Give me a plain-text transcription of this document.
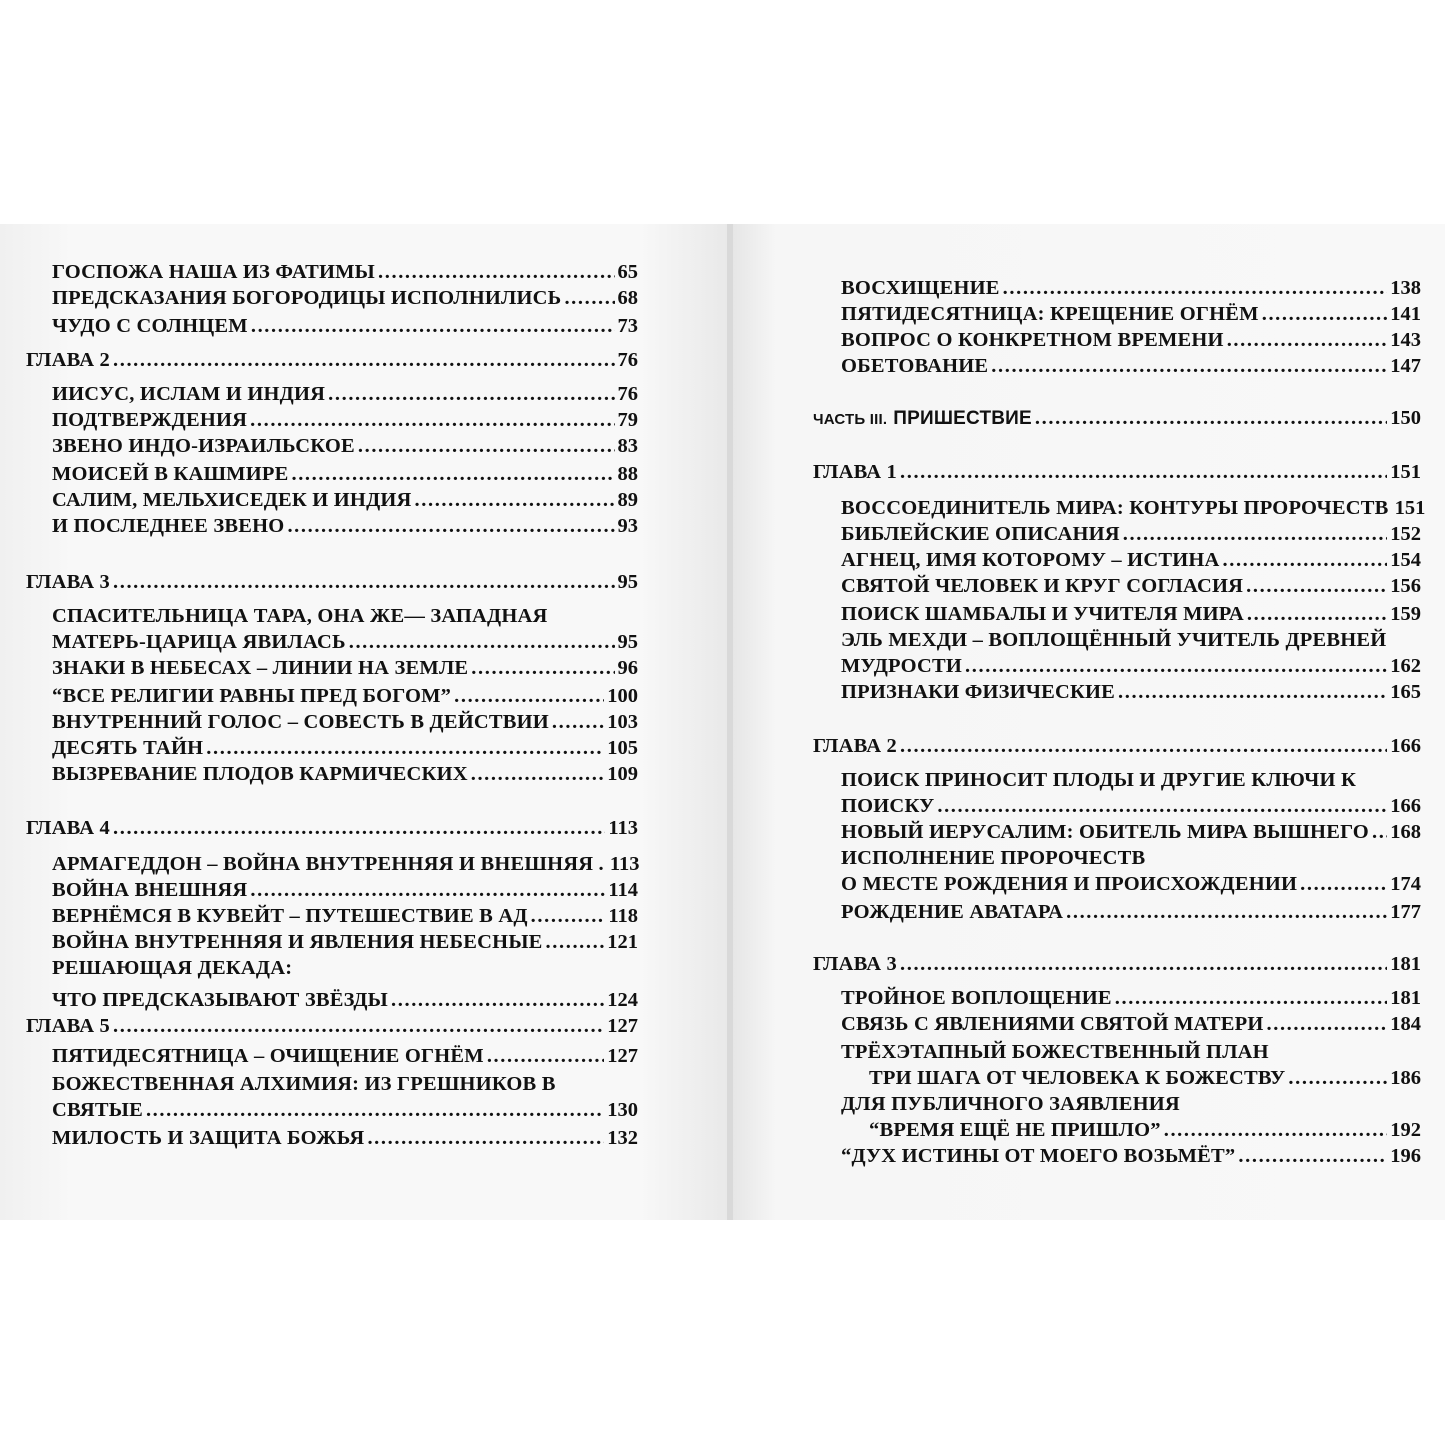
ГОСПОЖА НАША ИЗ ФАТИМЫ .....	65
ПРЕДСКАЗАНИЯ БОГОРОДИЦЫ ИСПОЛНИЛИСЬ .....	68
ЧУДО С СОЛНЦЕМ .....	73
ГЛАВА 2 .....	76
ИИСУС, ИСЛАМ И ИНДИЯ .....	76
ПОДТВЕРЖДЕНИЯ .....	79
ЗВЕНО ИНДО-ИЗРАИЛЬСКОЕ .....	83
МОИСЕЙ В КАШМИРЕ .....	88
САЛИМ, МЕЛЬХИСЕДЕК И ИНДИЯ .....	89
И ПОСЛЕДНЕЕ ЗВЕНО .....	93
ГЛАВА 3 .....	95
СПАСИТЕЛЬНИЦА ТАРА, ОНА ЖЕ— ЗАПАДНАЯ
МАТЕРЬ-ЦАРИЦА ЯВИЛАСЬ .....	95
ЗНАКИ В НЕБЕСАХ – ЛИНИИ НА ЗЕМЛЕ .....	96
“ВСЕ РЕЛИГИИ РАВНЫ ПРЕД БОГОМ” .....	100
ВНУТРЕННИЙ ГОЛОС – СОВЕСТЬ В ДЕЙСТВИИ .....	103
ДЕСЯТЬ ТАЙН .....	105
ВЫЗРЕВАНИЕ ПЛОДОВ КАРМИЧЕСКИХ .....	109
ГЛАВА 4 .....	113
АРМАГЕДДОН – ВОЙНА ВНУТРЕННЯЯ И ВНЕШНЯЯ . 113
ВОЙНА ВНЕШНЯЯ .....	114
ВЕРНЁМСЯ В КУВЕЙТ – ПУТЕШЕСТВИЕ В АД .....	118
ВОЙНА ВНУТРЕННЯЯ И ЯВЛЕНИЯ НЕБЕСНЫЕ .....	121
РЕШАЮЩАЯ ДЕКАДА:
ЧТО ПРЕДСКАЗЫВАЮТ ЗВЁЗДЫ .....	124
ГЛАВА 5 .....	127
ПЯТИДЕСЯТНИЦА – ОЧИЩЕНИЕ ОГНЁМ .....	127
БОЖЕСТВЕННАЯ АЛХИМИЯ: ИЗ ГРЕШНИКОВ В
СВЯТЫЕ .....	130
МИЛОСТЬ И ЗАЩИТА БОЖЬЯ .....	132
ВОСХИЩЕНИЕ .....	138
ПЯТИДЕСЯТНИЦА: КРЕЩЕНИЕ ОГНЁМ .....	141
ВОПРОС О КОНКРЕТНОМ ВРЕМЕНИ .....	143
ОБЕТОВАНИЕ .....	147
ЧАСТЬ III. ПРИШЕСТВИЕ .....	150
ГЛАВА 1 .....	151
ВОССОЕДИНИТЕЛЬ МИРА: КОНТУРЫ ПРОРОЧЕСТВ 151
БИБЛЕЙСКИЕ ОПИСАНИЯ .....	152
АГНЕЦ, ИМЯ КОТОРОМУ – ИСТИНА .....	154
СВЯТОЙ ЧЕЛОВЕК И КРУГ СОГЛАСИЯ .....	156
ПОИСК ШАМБАЛЫ И УЧИТЕЛЯ МИРА .....	159
ЭЛЬ МЕХДИ – ВОПЛОЩЁННЫЙ УЧИТЕЛЬ ДРЕВНЕЙ
МУДРОСТИ .....	162
ПРИЗНАКИ ФИЗИЧЕСКИЕ .....	165
ГЛАВА 2 .....	166
ПОИСК ПРИНОСИТ ПЛОДЫ И ДРУГИЕ КЛЮЧИ К
ПОИСКУ .....	166
НОВЫЙ ИЕРУСАЛИМ: ОБИТЕЛЬ МИРА ВЫШНЕГО ..... 168
ИСПОЛНЕНИЕ ПРОРОЧЕСТВ
О МЕСТЕ РОЖДЕНИЯ И ПРОИСХОЖДЕНИИ .....	174
РОЖДЕНИЕ АВАТАРА .....	177
ГЛАВА 3 .....	181
ТРОЙНОЕ ВОПЛОЩЕНИЕ .....	181
СВЯЗЬ С ЯВЛЕНИЯМИ СВЯТОЙ МАТЕРИ .....	184
ТРЁХЭТАПНЫЙ БОЖЕСТВЕННЫЙ ПЛАН
ТРИ ШАГА ОТ ЧЕЛОВЕКА К БОЖЕСТВУ .....	186
ДЛЯ ПУБЛИЧНОГО ЗАЯВЛЕНИЯ
“ВРЕМЯ ЕЩЁ НЕ ПРИШЛО” .....	192
“ДУХ ИСТИНЫ ОТ МОЕГО ВОЗЬМЁТ” .....	196
